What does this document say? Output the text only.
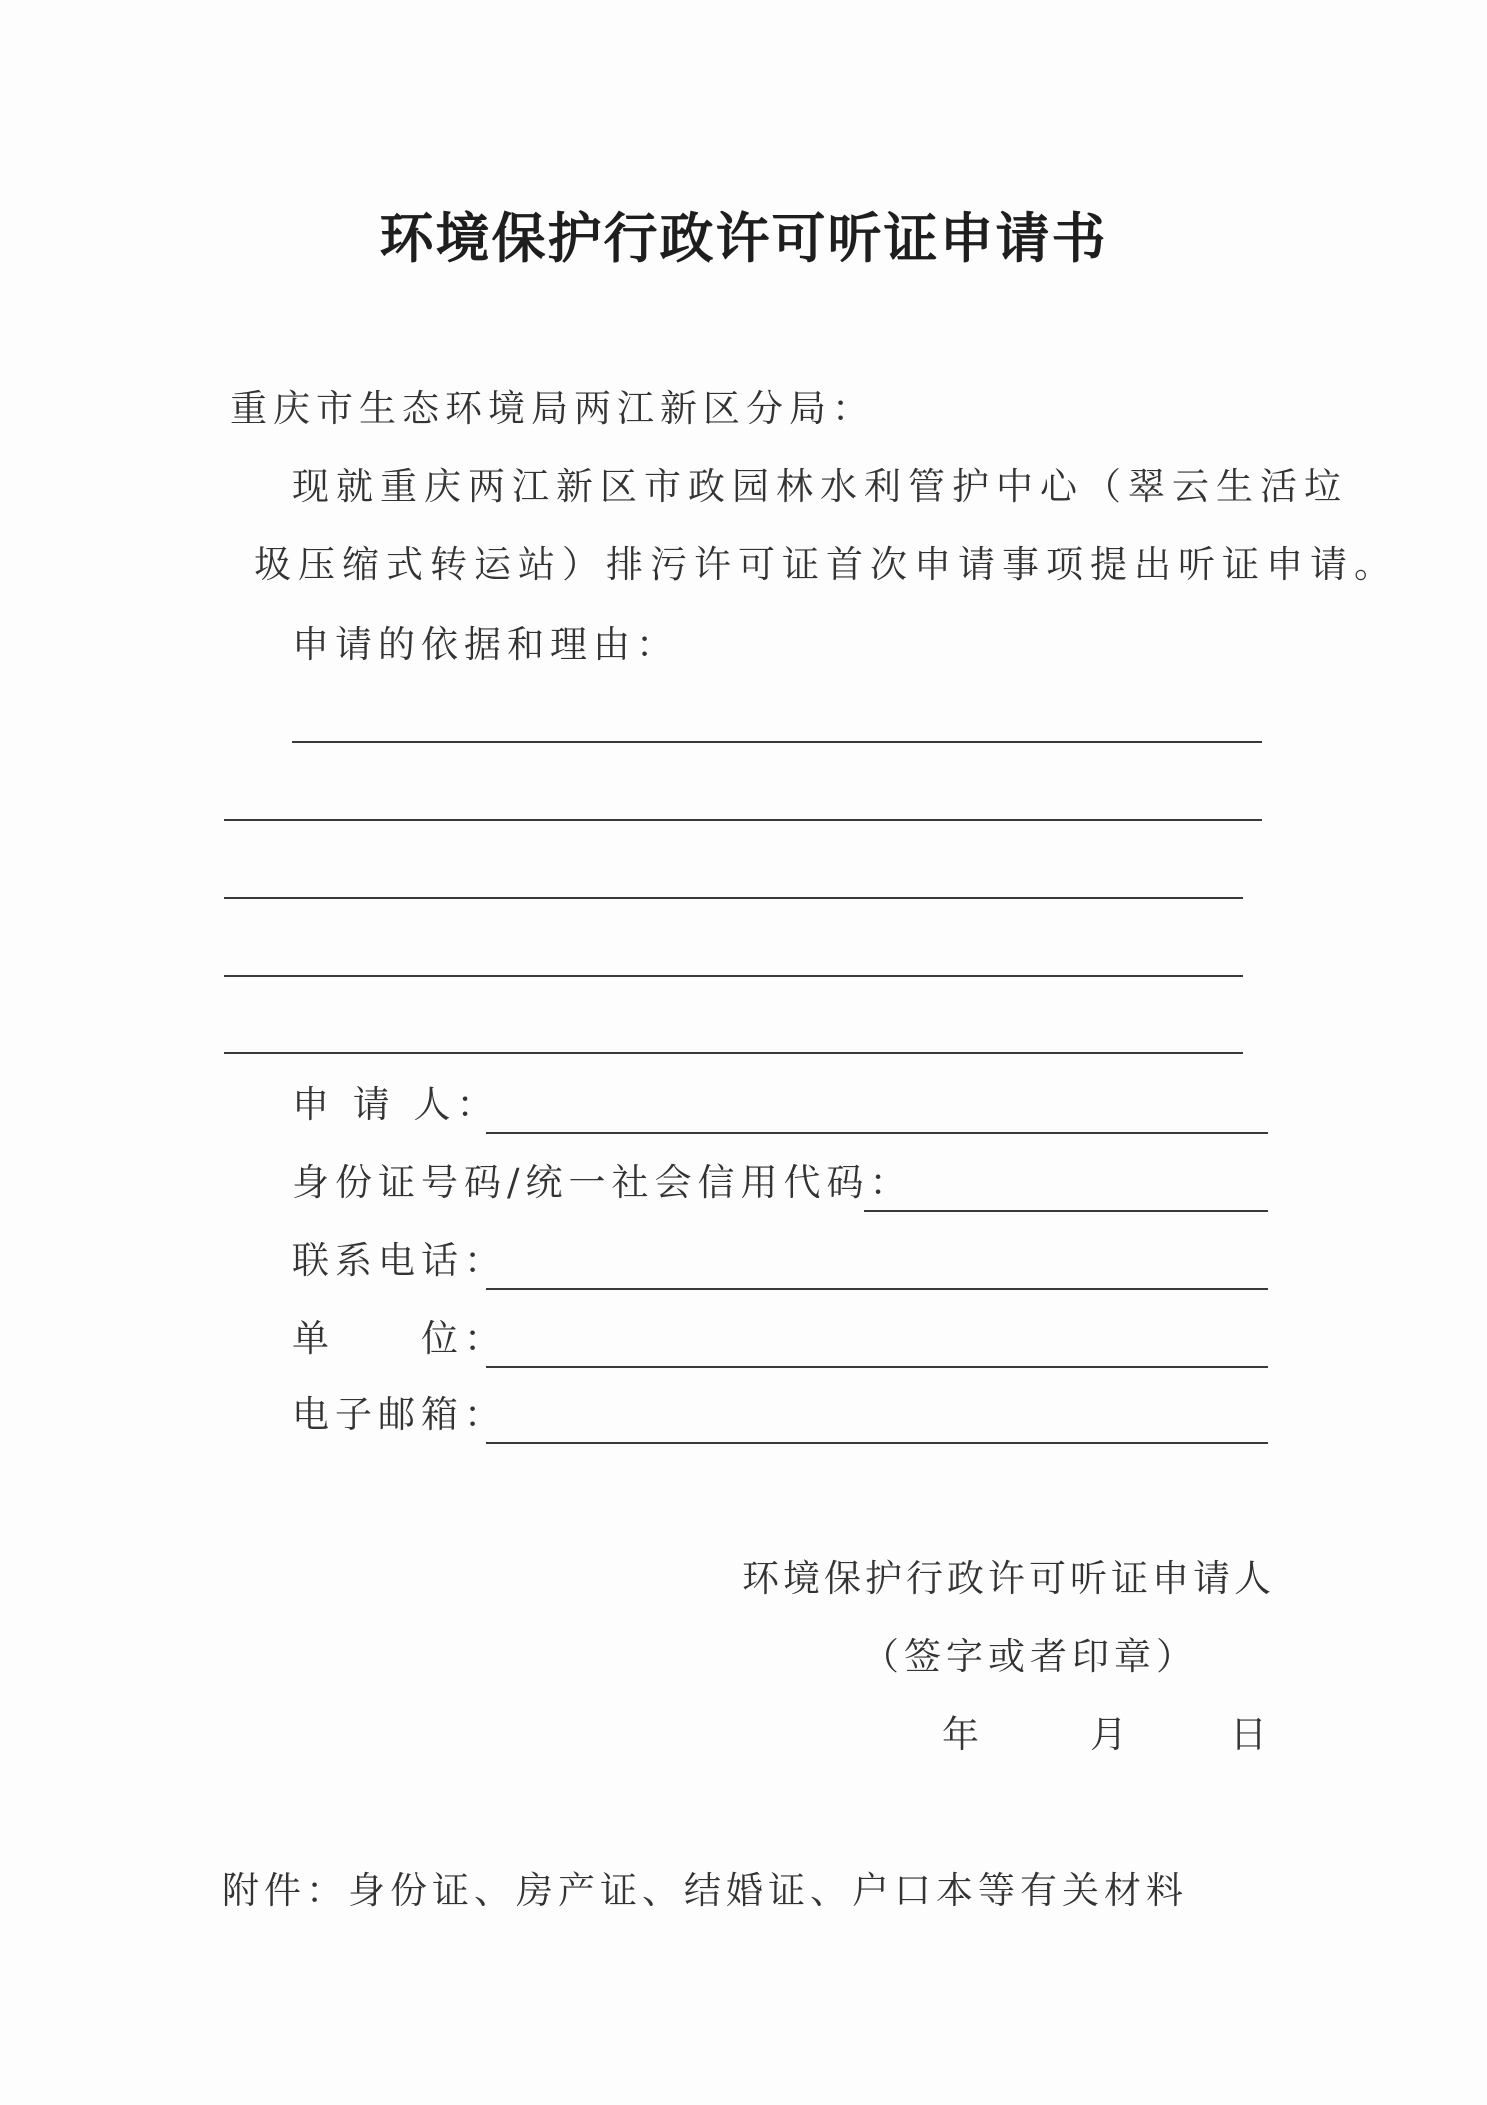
环境保护行政许可听证申请书
重庆市生态环境局两江新区分局：
现就重庆两江新区市政园林水利管护中心（翠云生活垃
圾压缩式转运站）排污许可证首次申请事项提出听证申请。
申请的依据和理由：
申 请 人：
身份证号码/统一社会信用代码：
联系电话：
单　　位：
电子邮箱：
环境保护行政许可听证申请人
（签字或者印章）
年	月	日
附件：身份证、房产证、结婚证、户口本等有关材料
